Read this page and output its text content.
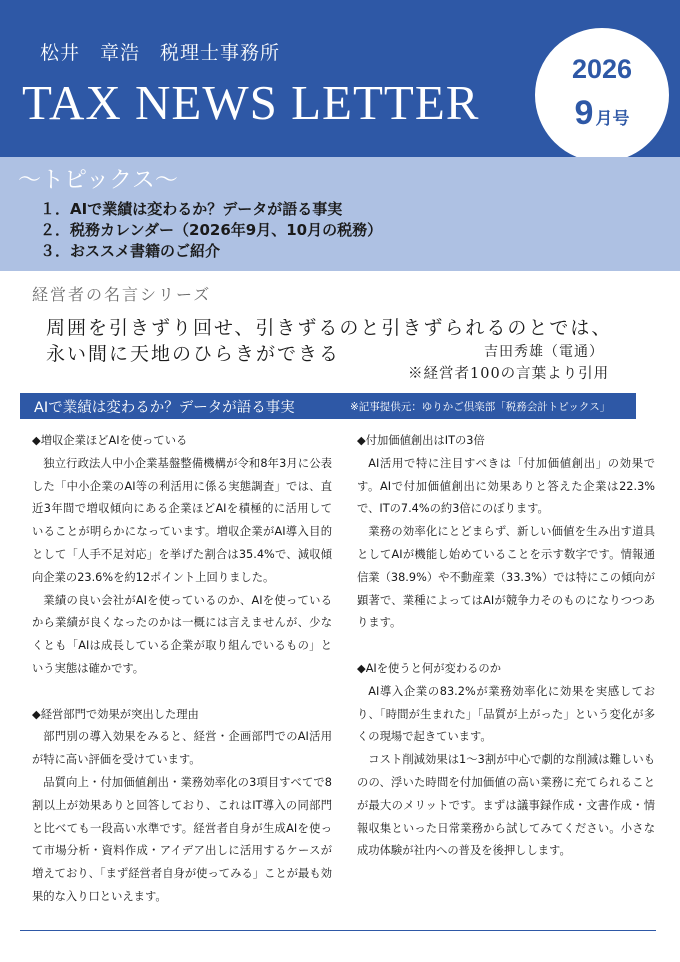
松井　章浩　税理士事務所
TAX NEWS LETTER
2026
9 月号
～トピックス～
１．AIで業績は変わるか？データが語る事実
２．税務カレンダー（2026年9月、10月の税務）
３．おススメ書籍のご紹介
経営者の名言シリーズ
周囲を引きずり回せ、引きずるのと引きずられるのとでは、
永い間に天地のひらきができる	吉田秀雄（電通）
※経営者100の言葉より引用
AIで業績は変わるか？データが語る事実	※記事提供元：ゆりかご倶楽部「税務会計トピックス」
◆増収企業ほどAIを使っている

独立行政法人中小企業基盤整備機構が令和8年3月に公表した「中小企業のAI等の利活用に係る実態調査」では、直近3年間で増収傾向にある企業ほどAIを積極的に活用していることが明らかになっています。増収企業がAI導入目的として「人手不足対応」を挙げた割合は35.4%で、減収傾向企業の23.6%を約12ポイント上回りました。

業績の良い会社がAIを使っているのか、AIを使っているから業績が良くなったのかは一概には言えませんが、少なくとも「AIは成長している企業が取り組んでいるもの」という実態は確かです。

◆経営部門で効果が突出した理由

部門別の導入効果をみると、経営・企画部門でのAI活用が特に高い評価を受けています。

品質向上・付加価値創出・業務効率化の3項目すべてで8割以上が効果ありと回答しており、これはIT導入の同部門と比べても一段高い水準です。経営者自身が生成AIを使って市場分析・資料作成・アイデア出しに活用するケースが増えており、「まず経営者自身が使ってみる」ことが最も効果的な入り口といえます。

◆付加価値創出はITの3倍

AI活用で特に注目すべきは「付加価値創出」の効果です。AIで付加価値創出に効果ありと答えた企業は22.3%で、ITの7.4%の約3倍にのぼります。

業務の効率化にとどまらず、新しい価値を生み出す道具としてAIが機能し始めていることを示す数字です。情報通信業（38.9%）や不動産業（33.3%）では特にこの傾向が顕著で、業種によってはAIが競争力そのものになりつつあります。

◆AIを使うと何が変わるのか

AI導入企業の83.2%が業務効率化に効果を実感しており、「時間が生まれた」「品質が上がった」という変化が多くの現場で起きています。

コスト削減効果は1～3割が中心で劇的な削減は難しいものの、浮いた時間を付加価値の高い業務に充てられることが最大のメリットです。まずは議事録作成・文書作成・情報収集といった日常業務から試してみてください。小さな成功体験が社内への普及を後押しします。
